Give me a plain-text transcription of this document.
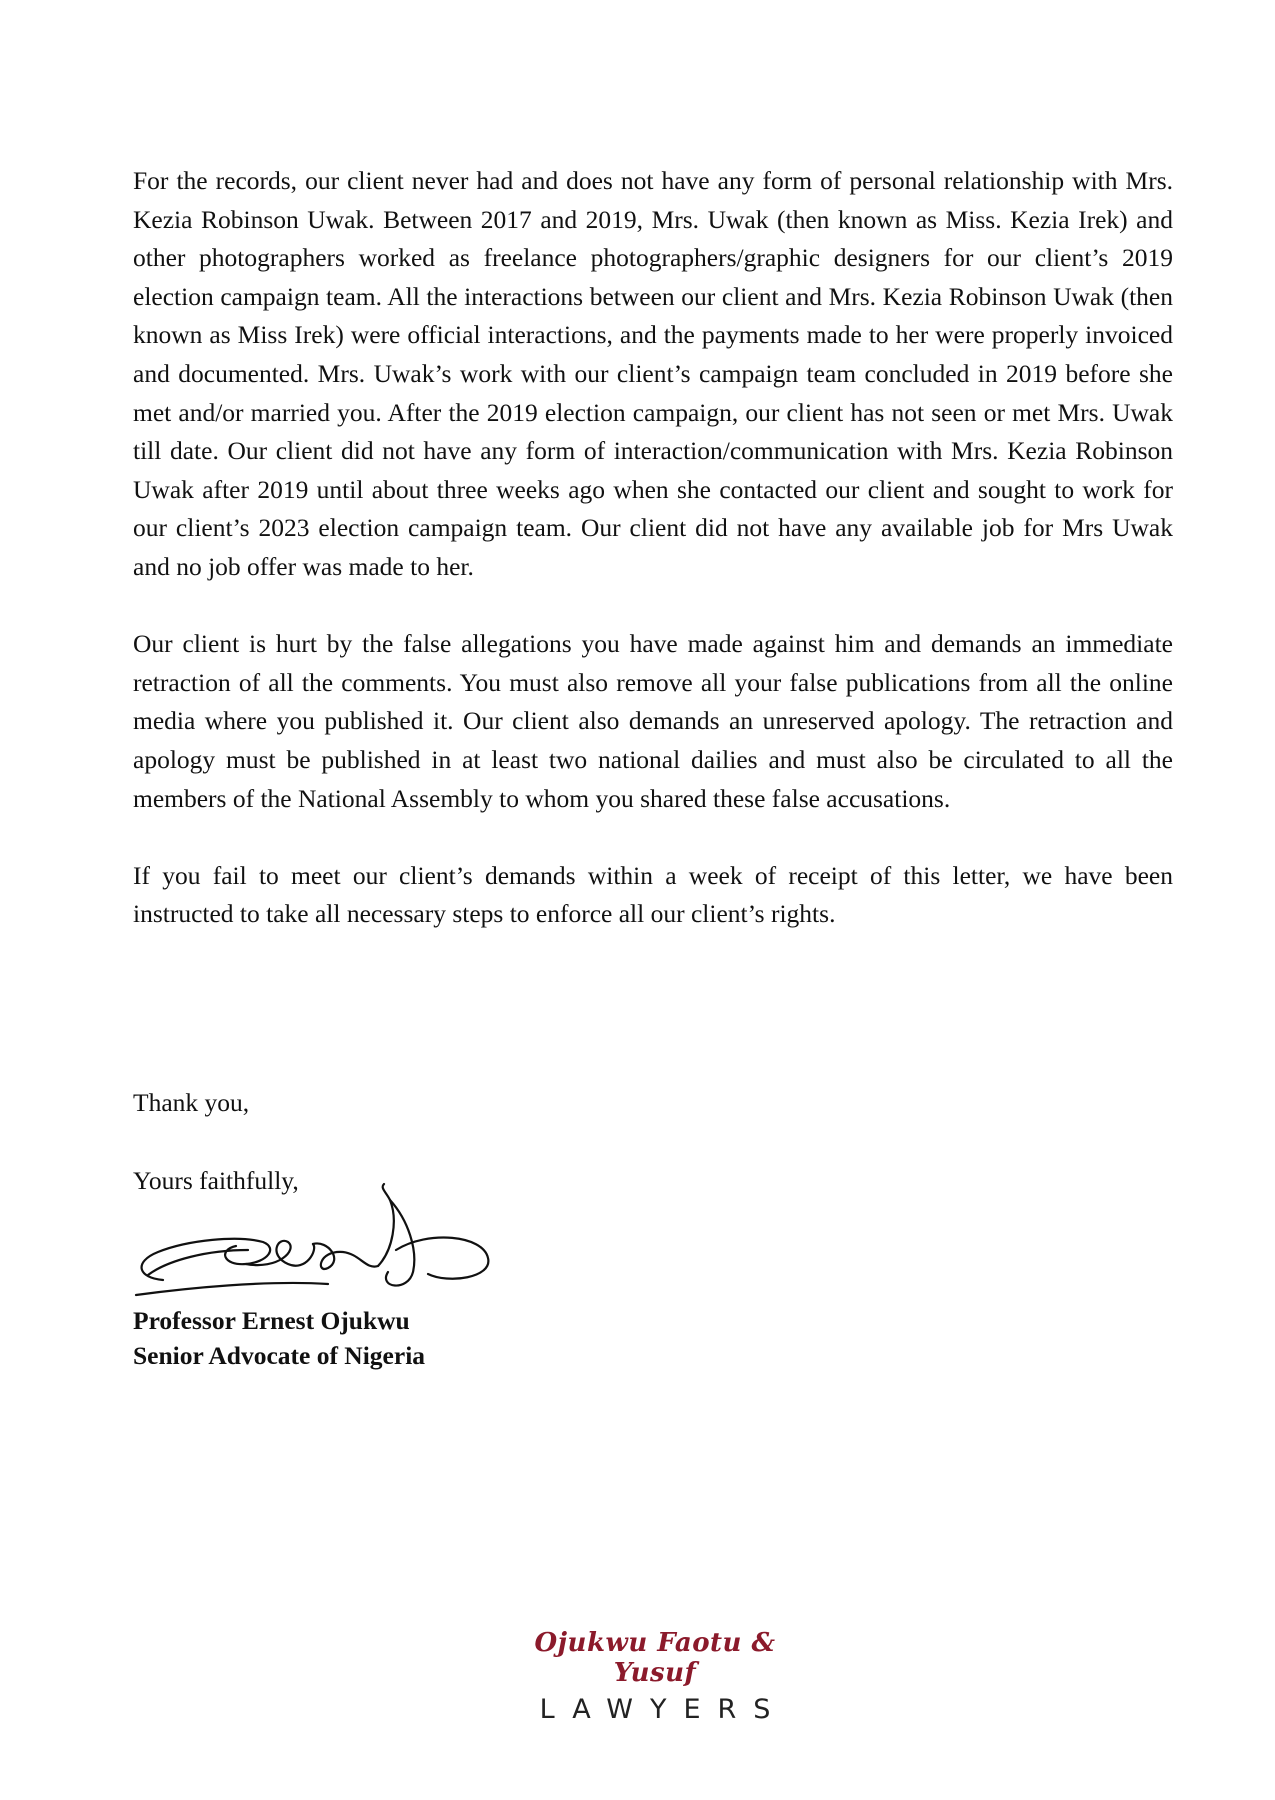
For the records, our client never had and does not have any form of personal relationship with Mrs. Kezia Robinson Uwak. Between 2017 and 2019, Mrs. Uwak (then known as Miss. Kezia Irek) and other photographers worked as freelance photographers/graphic designers for our client’s 2019 election campaign team. All the interactions between our client and Mrs. Kezia Robinson Uwak (then known as Miss Irek) were official interactions, and the payments made to her were properly invoiced and documented. Mrs. Uwak’s work with our client’s campaign team concluded in 2019 before she met and/or married you. After the 2019 election campaign, our client has not seen or met Mrs. Uwak till date. Our client did not have any form of interaction/communication with Mrs. Kezia Robinson Uwak after 2019 until about three weeks ago when she contacted our client and sought to work for our client’s 2023 election campaign team. Our client did not have any available job for Mrs Uwak and no job offer was made to her.

Our client is hurt by the false allegations you have made against him and demands an immediate retraction of all the comments. You must also remove all your false publications from all the online media where you published it. Our client also demands an unreserved apology. The retraction and apology must be published in at least two national dailies and must also be circulated to all the members of the National Assembly to whom you shared these false accusations.

If you fail to meet our client’s demands within a week of receipt of this letter, we have been instructed to take all necessary steps to enforce all our client’s rights.

Thank you,
Yours faithfully,
Professor Ernest Ojukwu
Senior Advocate of Nigeria
Ojukwu Faotu & Yusuf
LAWYERS
